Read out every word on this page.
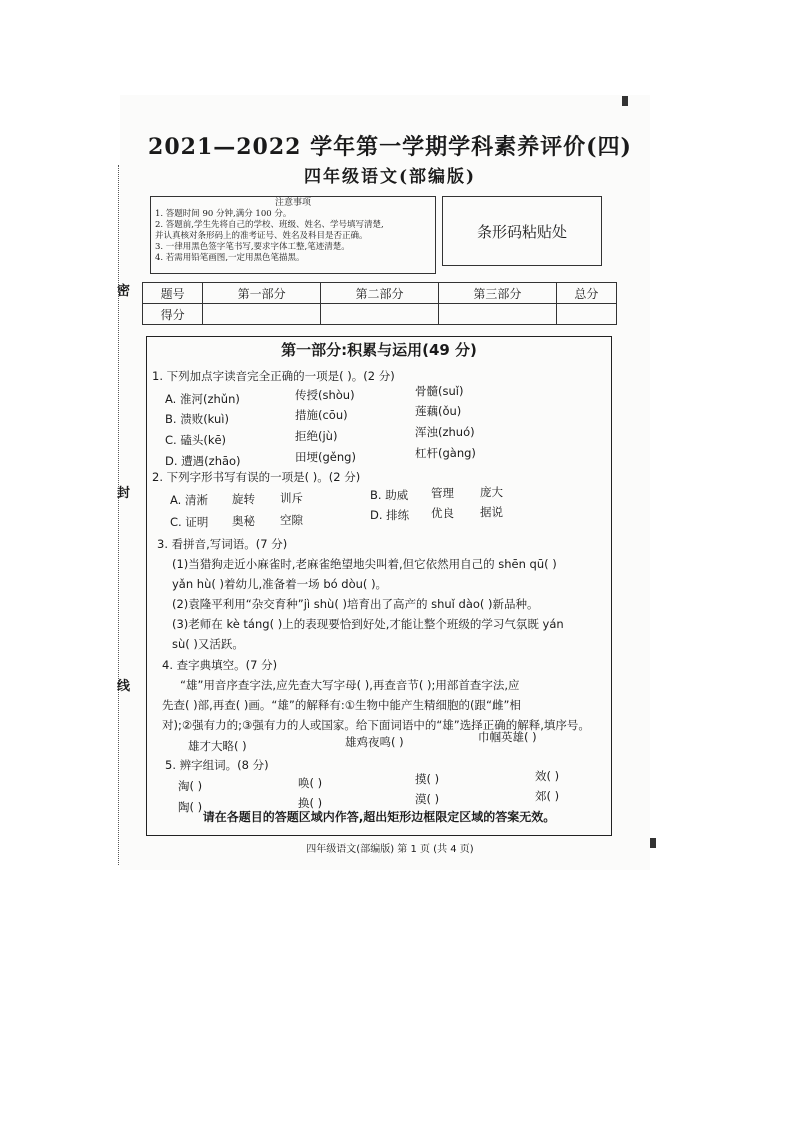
密
封
线
2021—2022 学年第一学期学科素养评价(四)
四年级语文(部编版)
注意事项
1. 答题时间 90 分钟,满分 100 分。
2. 答题前,学生先将自己的学校、班级、姓名、学号填写清楚,
并认真核对条形码上的准考证号、姓名及科目是否正确。
3. 一律用黑色签字笔书写,要求字体工整,笔迹清楚。
4. 若需用铅笔画图,一定用黑色笔描黑。
条形码粘贴处
题号	第一部分	第二部分	第三部分	总分
得分				
第一部分:积累与运用(49 分)
1. 下列加点字读音完全正确的一项是( )。(2 分)
A. 淮河(zhǔn)	传授(shòu)	骨髓(suǐ)
B. 溃败(kuì)	措施(cōu)	莲藕(ǒu)
C. 磕头(kē)	拒绝(jù)	浑浊(zhuó)
D. 遭遇(zhāo)	田埂(gěng)	杠杆(gàng)
2. 下列字形书写有误的一项是( )。(2 分)
A. 清淅 旋转 训斥	B. 助威 管理 庞大
C. 证明 奥秘 空隙	D. 排练 优良 据说
3. 看拼音,写词语。(7 分)
(1)当猎狗走近小麻雀时,老麻雀绝望地尖叫着,但它依然用自己的 shēn qū( )
yǎn hù( )着幼儿,准备着一场 bó dòu( )。
(2)袁隆平利用“杂交育种”jì shù( )培育出了高产的 shuǐ dào( )新品种。
(3)老师在 kè táng( )上的表现要恰到好处,才能让整个班级的学习气氛既 yán
sù( )又活跃。
4. 查字典填空。(7 分)
“雄”用音序查字法,应先查大写字母( ),再查音节( );用部首查字法,应
先查( )部,再查( )画。“雄”的解释有:①生物中能产生精细胞的(跟“雌”相
对);②强有力的;③强有力的人或国家。给下面词语中的“雄”选择正确的解释,填序号。
雄才大略( )	雄鸡夜鸣( )	巾帼英雄( )
5. 辨字组词。(8 分)
淘( )	唤( )	摸( )	效( )
陶( )	换( )	漠( )	郊( )
请在各题目的答题区域内作答,超出矩形边框限定区域的答案无效。
四年级语文(部编版) 第 1 页 (共 4 页)
